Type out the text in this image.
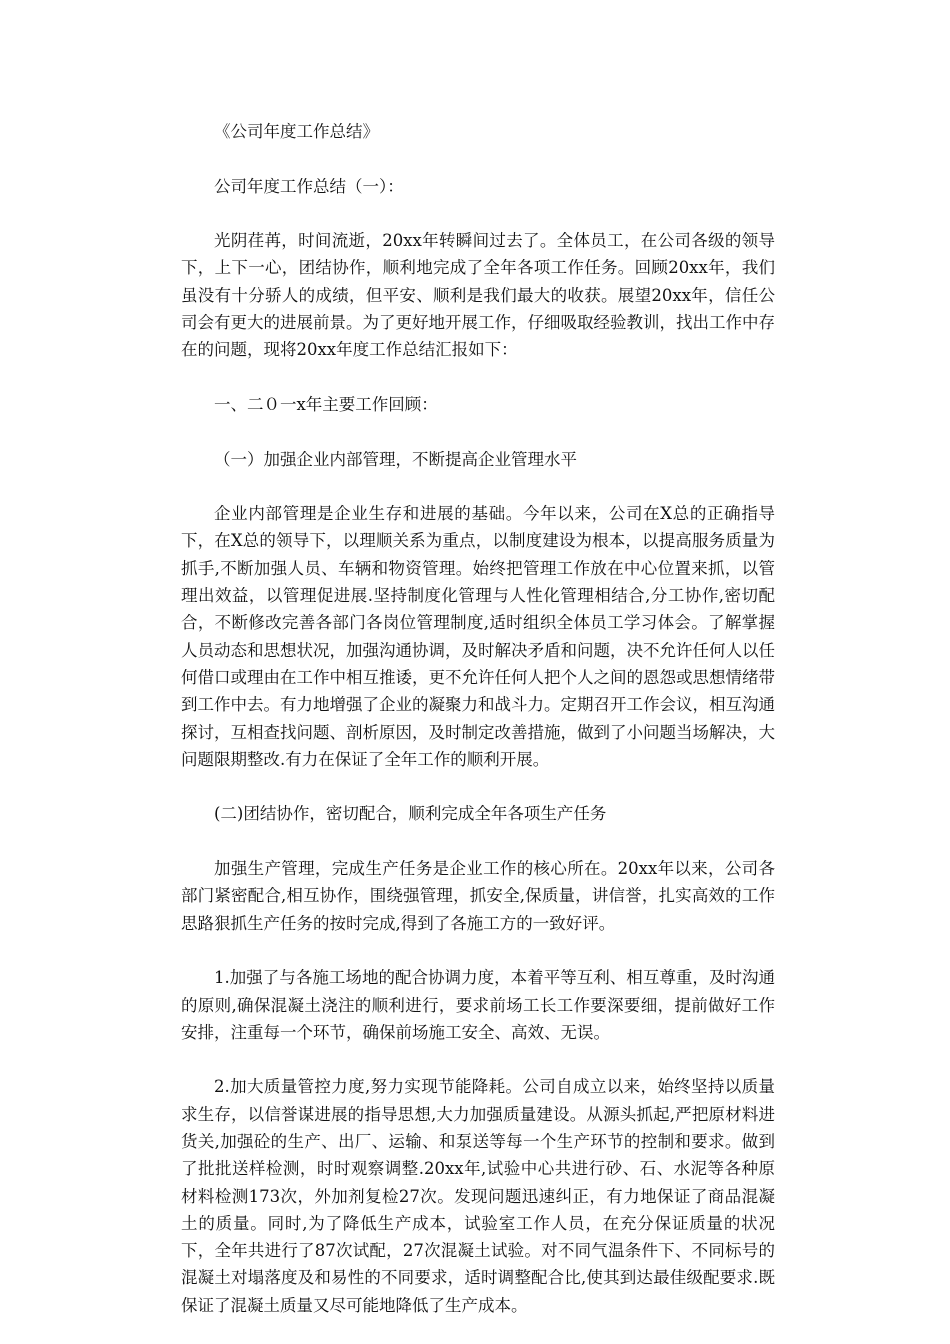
《公司年度工作总结》

公司年度工作总结（一）：

光阴荏苒，时间流逝，20xx年转瞬间过去了。全体员工，在公司各级的领导下，上下一心，团结协作，顺利地完成了全年各项工作任务。回顾20xx年，我们虽没有十分骄人的成绩，但平安、顺利是我们最大的收获。展望20xx年，信任公司会有更大的进展前景。为了更好地开展工作，仔细吸取经验教训，找出工作中存在的问题，现将20xx年度工作总结汇报如下：

一、二０一x年主要工作回顾：

（一）加强企业内部管理，不断提高企业管理水平

企业内部管理是企业生存和进展的基础。今年以来，公司在X总的正确指导下，在X总的领导下，以理顺关系为重点，以制度建设为根本，以提高服务质量为抓手,不断加强人员、车辆和物资管理。始终把管理工作放在中心位置来抓，以管理出效益，以管理促进展.坚持制度化管理与人性化管理相结合,分工协作,密切配合，不断修改完善各部门各岗位管理制度,适时组织全体员工学习体会。了解掌握人员动态和思想状况，加强沟通协调，及时解决矛盾和问题，决不允许任何人以任何借口或理由在工作中相互推诿，更不允许任何人把个人之间的恩怨或思想情绪带到工作中去。有力地增强了企业的凝聚力和战斗力。定期召开工作会议，相互沟通探讨，互相查找问题、剖析原因，及时制定改善措施，做到了小问题当场解决，大问题限期整改.有力在保证了全年工作的顺利开展。

(二)团结协作，密切配合，顺利完成全年各项生产任务

加强生产管理，完成生产任务是企业工作的核心所在。20xx年以来，公司各部门紧密配合,相互协作，围绕强管理，抓安全,保质量，讲信誉，扎实高效的工作思路狠抓生产任务的按时完成,得到了各施工方的一致好评。

1.加强了与各施工场地的配合协调力度，本着平等互利、相互尊重，及时沟通的原则,确保混凝土浇注的顺利进行，要求前场工长工作要深要细，提前做好工作安排，注重每一个环节，确保前场施工安全、高效、无误。

2.加大质量管控力度,努力实现节能降耗。公司自成立以来，始终坚持以质量求生存，以信誉谋进展的指导思想,大力加强质量建设。从源头抓起,严把原材料进货关,加强砼的生产、出厂、运输、和泵送等每一个生产环节的控制和要求。做到了批批送样检测，时时观察调整.20xx年,试验中心共进行砂、石、水泥等各种原材料检测173次，外加剂复检27次。发现问题迅速纠正，有力地保证了商品混凝土的质量。同时,为了降低生产成本，试验室工作人员，在充分保证质量的状况下，全年共进行了87次试配，27次混凝土试验。对不同气温条件下、不同标号的混凝土对塌落度及和易性的不同要求，适时调整配合比,使其到达最佳级配要求.既保证了混凝土质量又尽可能地降低了生产成本。
